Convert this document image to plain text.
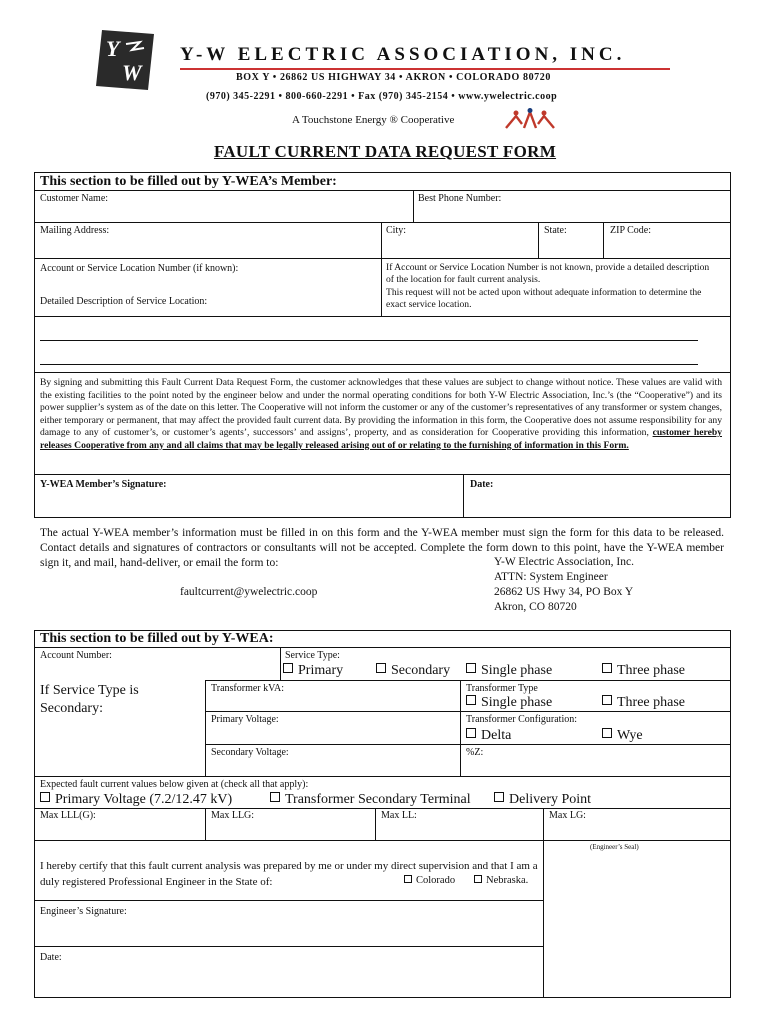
Y
W
Y-W ELECTRIC ASSOCIATION, INC.
BOX Y • 26862 US HIGHWAY 34 • AKRON • COLORADO 80720
(970) 345-2291 • 800-660-2291 • Fax (970) 345-2154 • www.ywelectric.coop
A Touchstone Energy ® Cooperative
FAULT CURRENT DATA REQUEST FORM
This section to be filled out by Y-WEA’s Member:
Customer Name:	Best Phone Number:
Mailing Address:	City:	State:	ZIP Code:
Account or Service Location Number (if known):	If Account or Service Location Number is not known, provide a detailed description of the location for fault current analysis.
This request will not be acted upon without adequate information to determine the exact service location.
Detailed Description of Service Location:
By signing and submitting this Fault Current Data Request Form, the customer acknowledges that these values are subject to change without notice. These values are valid with the existing facilities to the point noted by the engineer below and under the normal operating conditions for both Y-W Electric Association, Inc.’s (the “Cooperative”) and its power supplier’s system as of the date on this letter. The Cooperative will not inform the customer or any of the customer’s representatives of any transformer or system changes, either temporary or permanent, that may affect the provided fault current data. By providing the information in this form, the Cooperative does not assume responsibility for any damage to any of customer’s, or customer’s agents’, successors’ and assigns’, property, and as consideration for Cooperative providing this information, customer hereby releases Cooperative from any and all claims that may be legally released arising out of or relating to the furnishing of information in this Form.
Y-WEA Member’s Signature:	Date:
The actual Y-WEA member’s information must be filled in on this form and the Y-WEA member must sign the form for this data to be released. Contact details and signatures of contractors or consultants will not be accepted. Complete the form down to this point, have the Y-WEA member sign it, and mail, hand-deliver, or email the form to:
faultcurrent@ywelectric.coop
ATTN: System Engineer
26862 US Hwy 34, PO Box Y
Akron, CO 80720
Y-W Electric Association, Inc.
This section to be filled out by Y-WEA:
Account Number:	Service Type:
Primary	Secondary	Single phase	Three phase
If Service Type is Secondary:
Transformer kVA:	Transformer Type
Single phase	Three phase
Primary Voltage:	Transformer Configuration:
Delta	Wye
Secondary Voltage:	%Z:
Expected fault current values below given at (check all that apply):
Primary Voltage (7.2/12.47 kV)	Transformer Secondary Terminal	Delivery Point
Max LLL(G):	Max LLG:	Max LL:	Max LG:
(Engineer’s Seal)
I hereby certify that this fault current analysis was prepared by me or under my direct supervision and that I am a duly registered Professional Engineer in the State of:	Colorado	Nebraska.
Engineer’s Signature:
Date:
